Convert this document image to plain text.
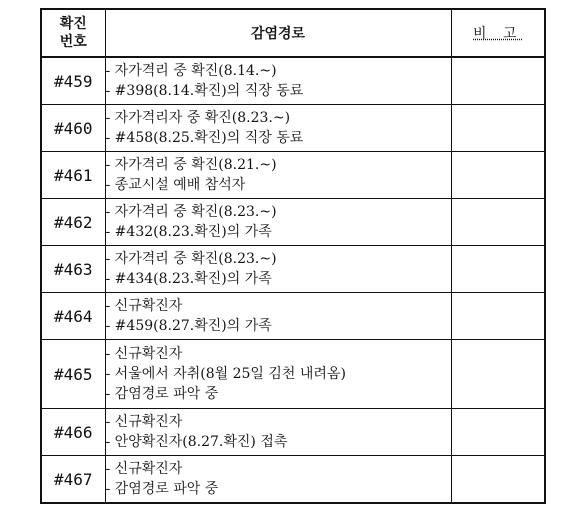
확진
번호	감염경로	비 고
#459	- 자가격리 중 확진(8.14.~)
- #398(8.14.확진)의 직장 동료	

#460	- 자가격리자 중 확진(8.23.~)
- #458(8.25.확진)의 직장 동료	

#461	- 자가격리 중 확진(8.21.~)
- 종교시설 예배 참석자	

#462	- 자가격리 중 확진(8.23.~)
- #432(8.23.확진)의 가족	

#463	- 자가격리 중 확진(8.23.~)
- #434(8.23.확진)의 가족	

#464	- 신규확진자
- #459(8.27.확진)의 가족	

#465	- 신규확진자
- 서울에서 자취(8월 25일 김천 내려옴)
- 감염경로 파악 중	

#466	- 신규확진자
- 안양확진자(8.27.확진) 접촉	

#467	- 신규확진자
- 감염경로 파악 중	
